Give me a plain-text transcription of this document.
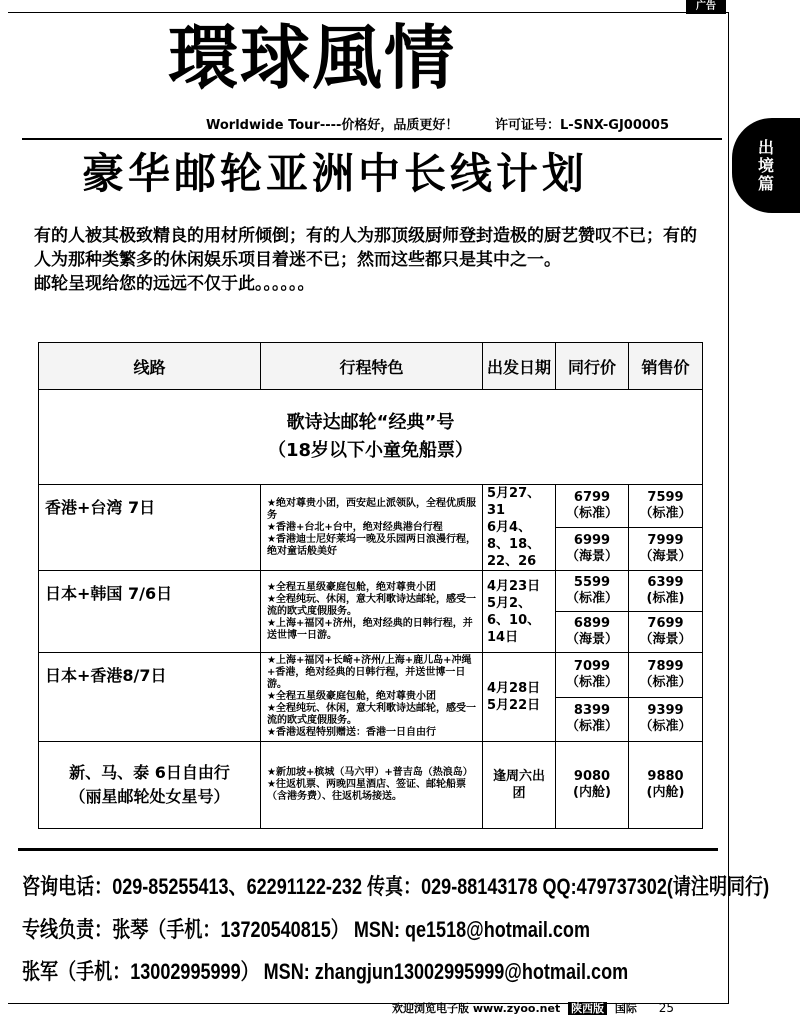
广告
出
境
篇
環球風情
Worldwide Tour----价格好，品质更好！	许可证号：L-SNX-GJ00005
豪华邮轮亚洲中长线计划

有的人被其极致精良的用材所倾倒；有的人为那顶级厨师登封造极的厨艺赞叹不已；有的人为那种类繁多的休闲娱乐项目着迷不已；然而这些都只是其中之一。

邮轮呈现给您的远远不仅于此。。。。。。

线路	行程特色	出发日期	同行价	销售价

歌诗达邮轮“经典”号
（18岁以下小童免船票）				

香港+台湾 7日	★绝对尊贵小团，西安起止派领队，全程优质服务
★香港+台北+台中，绝对经典港台行程
★香港迪士尼好莱坞一晚及乐园两日浪漫行程，绝对童话般美好	5月27、31
6月4、8、18、22、26	6799
（标准）	7599
（标准）
			6999
（海景）	7999
（海景）
日本+韩国 7/6日	★全程五星级豪庭包舱，绝对尊贵小团
★全程纯玩、休闲，意大利歌诗达邮轮，感受一流的欧式度假服务。
★上海+福冈+济州，绝对经典的日韩行程，并送世博一日游。	4月23日
5月2、6、10、14日	5599
（标准）	6399
(标准)
			6899
（海景）	7699
（海景）
日本+香港8/7日	★上海+福冈+长崎+济州/上海+鹿儿岛+冲绳+香港，绝对经典的日韩行程，并送世博一日游。
★全程五星级豪庭包舱，绝对尊贵小团
★全程纯玩、休闲，意大利歌诗达邮轮，感受一流的欧式度假服务。
★香港返程特别赠送：香港一日自由行	4月28日
5月22日	7099
（标准）	7899
（标准）
			8399
（标准）	9399
（标准）
新、马、泰 6日自由行
（丽星邮轮处女星号）	★新加坡+槟城（马六甲）+普吉岛（热浪岛）
★往返机票、两晚四星酒店、签证、邮轮船票（含港务费）、往返机场接送。	逢周六出团	9080
(内舱)	9880
(内舱)
咨询电话：029-85255413、62291122-232 传真：029-88143178 QQ:479737302(请注明同行)
专线负责：张琴（手机：13720540815） MSN: qe1518@hotmail.com
张军（手机：13002995999） MSN: zhangjun13002995999@hotmail.com
欢迎浏览电子版 www.zyoo.net 陕西版 国际 25
